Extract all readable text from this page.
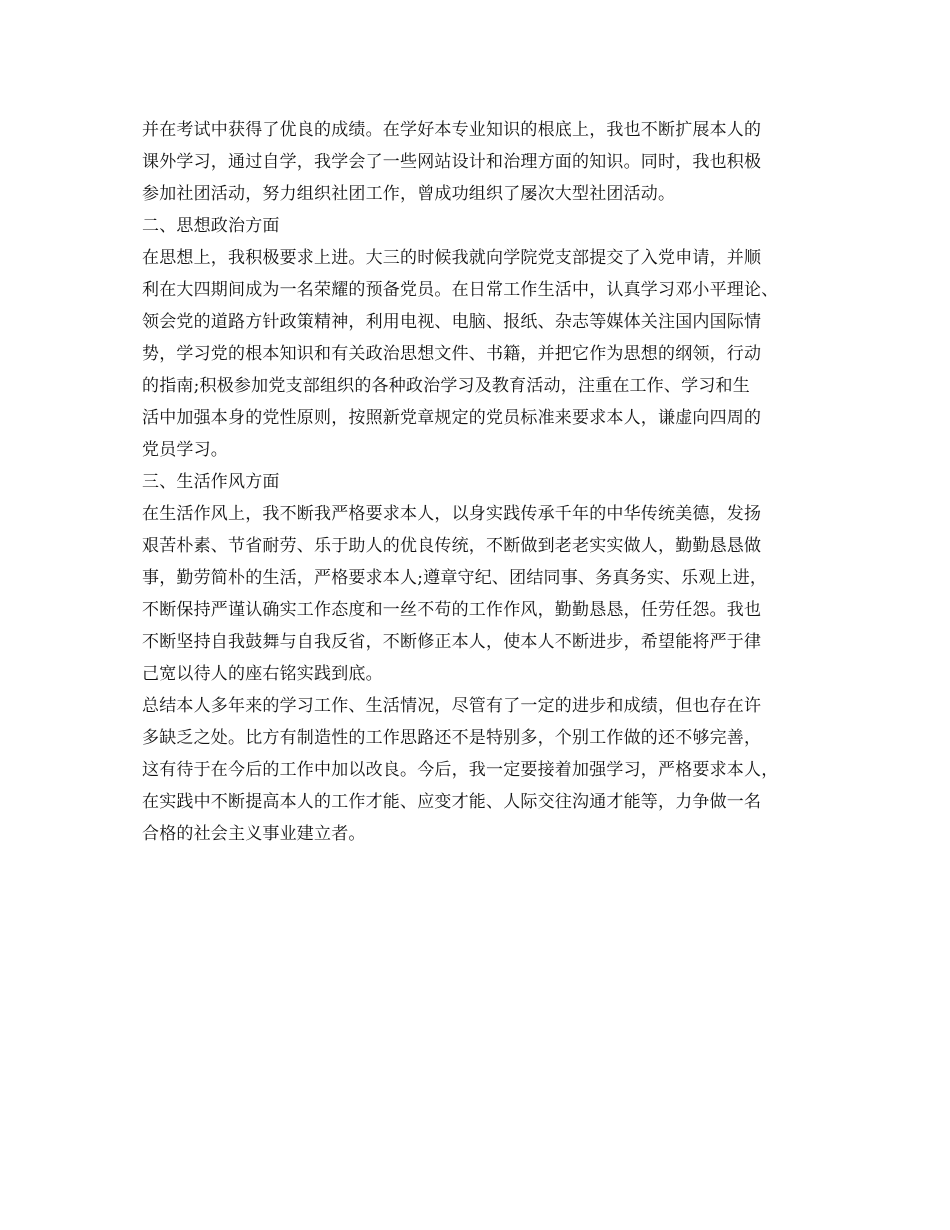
并在考试中获得了优良的成绩。在学好本专业知识的根底上，我也不断扩展本人的
课外学习，通过自学，我学会了一些网站设计和治理方面的知识。同时，我也积极
参加社团活动，努力组织社团工作，曾成功组织了屡次大型社团活动。
二、思想政治方面
在思想上，我积极要求上进。大三的时候我就向学院党支部提交了入党申请，并顺
利在大四期间成为一名荣耀的预备党员。在日常工作生活中，认真学习邓小平理论、
领会党的道路方针政策精神，利用电视、电脑、报纸、杂志等媒体关注国内国际情
势，学习党的根本知识和有关政治思想文件、书籍，并把它作为思想的纲领，行动
的指南;积极参加党支部组织的各种政治学习及教育活动，注重在工作、学习和生
活中加强本身的党性原则，按照新党章规定的党员标准来要求本人，谦虚向四周的
党员学习。
三、生活作风方面
在生活作风上，我不断我严格要求本人，以身实践传承千年的中华传统美德，发扬
艰苦朴素、节省耐劳、乐于助人的优良传统，不断做到老老实实做人，勤勤恳恳做
事，勤劳简朴的生活，严格要求本人;遵章守纪、团结同事、务真务实、乐观上进，
不断保持严谨认确实工作态度和一丝不苟的工作作风，勤勤恳恳，任劳任怨。我也
不断坚持自我鼓舞与自我反省，不断修正本人，使本人不断进步，希望能将严于律
己宽以待人的座右铭实践到底。
总结本人多年来的学习工作、生活情况，尽管有了一定的进步和成绩，但也存在许
多缺乏之处。比方有制造性的工作思路还不是特别多，个别工作做的还不够完善，
这有待于在今后的工作中加以改良。今后，我一定要接着加强学习，严格要求本人，
在实践中不断提高本人的工作才能、应变才能、人际交往沟通才能等，力争做一名
合格的社会主义事业建立者。
